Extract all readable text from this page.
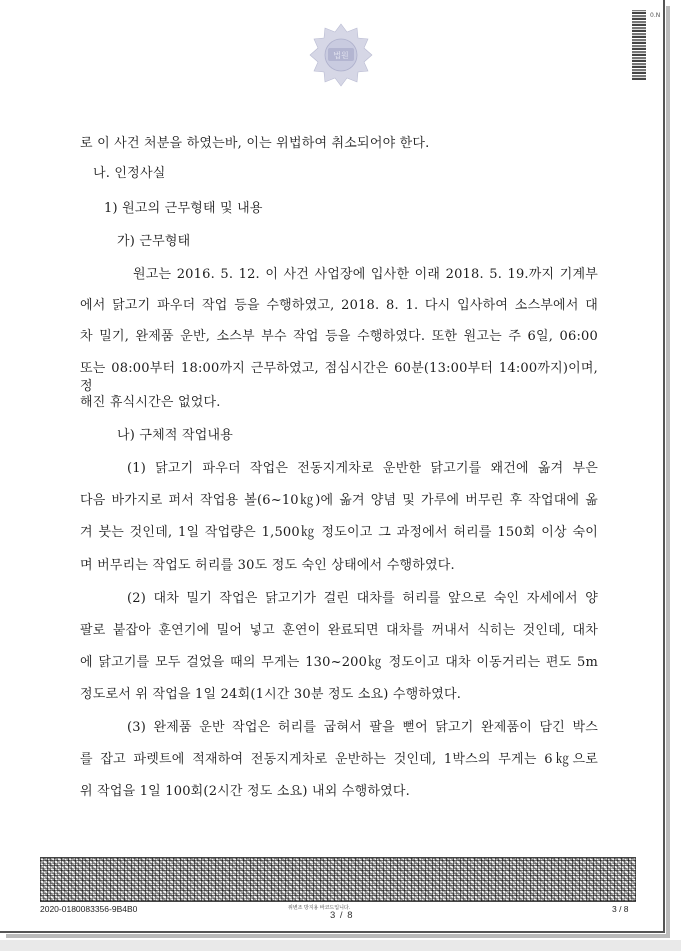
법원
0.N
로 이 사건 처분을 하였는바, 이는 위법하여 취소되어야 한다.
나. 인정사실
1) 원고의 근무형태 및 내용
가) 근무형태
원고는 2016. 5. 12. 이 사건 사업장에 입사한 이래 2018. 5. 19.까지 기계부
에서 닭고기 파우더 작업 등을 수행하였고, 2018. 8. 1. 다시 입사하여 소스부에서 대
차 밀기, 완제품 운반, 소스부 부수 작업 등을 수행하였다. 또한 원고는 주 6일, 06:00
또는 08:00부터 18:00까지 근무하였고, 점심시간은 60분(13:00부터 14:00까지)이며, 정
해진 휴식시간은 없었다.
나) 구체적 작업내용
(1) 닭고기 파우더 작업은 전동지게차로 운반한 닭고기를 왜건에 옮겨 부은
다음 바가지로 퍼서 작업용 볼(6~10㎏)에 옮겨 양념 및 가루에 버무린 후 작업대에 옮
겨 붓는 것인데, 1일 작업량은 1,500㎏ 정도이고 그 과정에서 허리를 150회 이상 숙이
며 버무리는 작업도 허리를 30도 정도 숙인 상태에서 수행하였다.
(2) 대차 밀기 작업은 닭고기가 걸린 대차를 허리를 앞으로 숙인 자세에서 양
팔로 붙잡아 훈연기에 밀어 넣고 훈연이 완료되면 대차를 꺼내서 식히는 것인데, 대차
에 닭고기를 모두 걸었을 때의 무게는 130~200㎏ 정도이고 대차 이동거리는 편도 5m
정도로서 위 작업을 1일 24회(1시간 30분 정도 소요) 수행하였다.
(3) 완제품 운반 작업은 허리를 굽혀서 팔을 뻗어 닭고기 완제품이 담긴 박스
를 잡고 파렛트에 적재하여 전동지게차로 운반하는 것인데, 1박스의 무게는 6㎏으로
위 작업을 1일 100회(2시간 정도 소요) 내외 수행하였다.
2020-0180083356-9B4B0	위변조 방지용 바코드입니다.
3 / 8
3 / 8
